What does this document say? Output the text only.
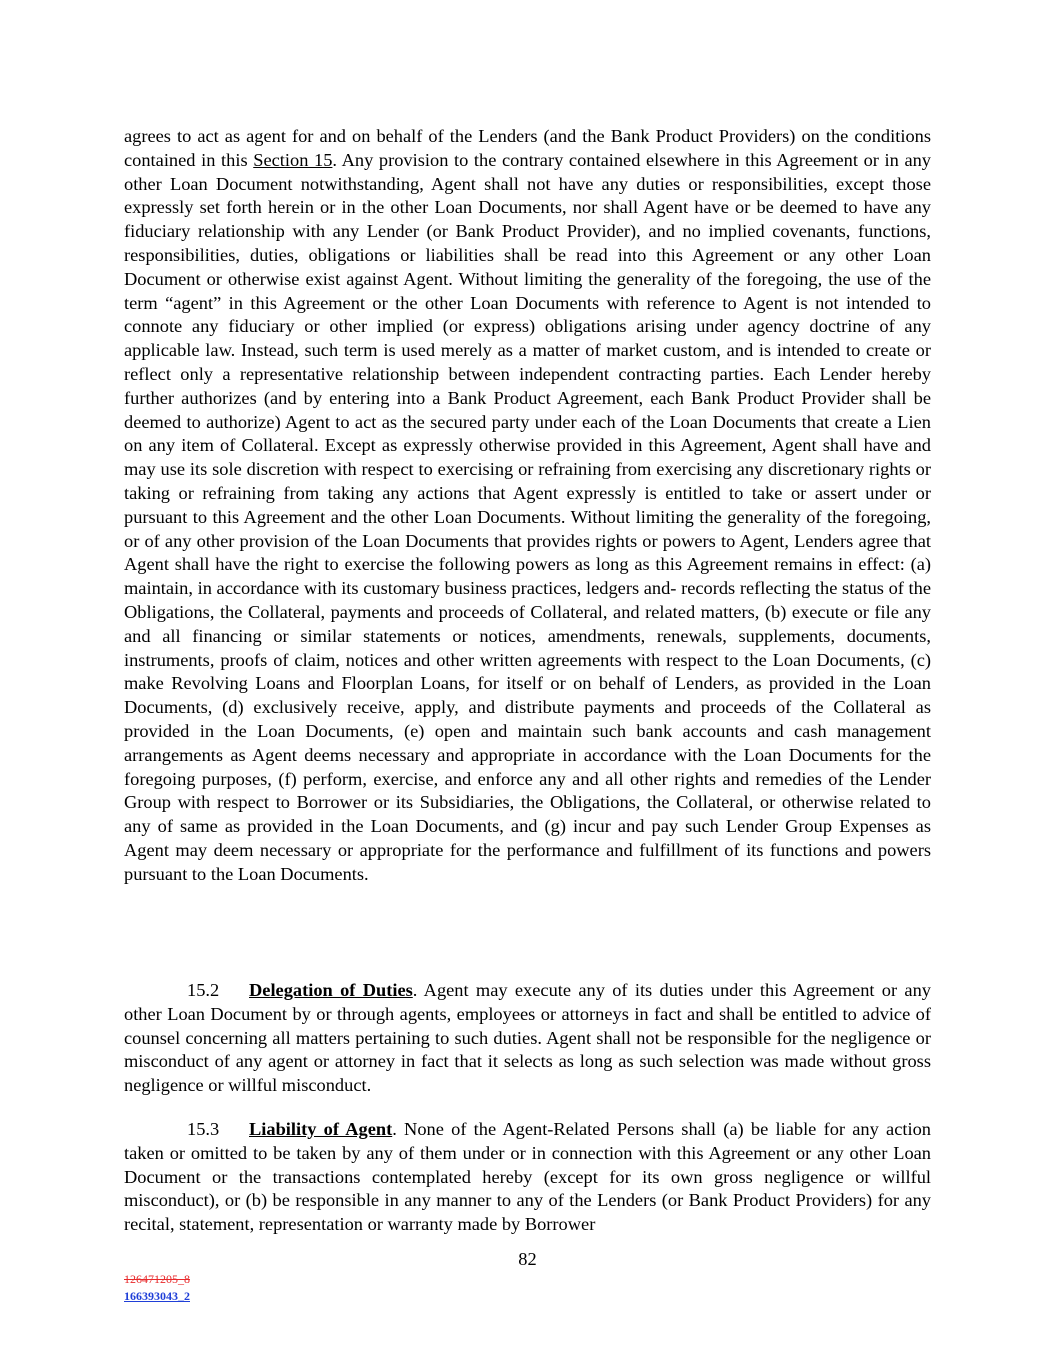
agrees to act as agent for and on behalf of the Lenders (and the Bank Product Providers) on the conditions contained in this Section 15. Any provision to the contrary contained elsewhere in this Agreement or in any other Loan Document notwithstanding, Agent shall not have any duties or responsibilities, except those expressly set forth herein or in the other Loan Documents, nor shall Agent have or be deemed to have any fiduciary relationship with any Lender (or Bank Product Provider), and no implied covenants, functions, responsibilities, duties, obligations or liabilities shall be read into this Agreement or any other Loan Document or otherwise exist against Agent. Without limiting the generality of the foregoing, the use of the term “agent” in this Agreement or the other Loan Documents with reference to Agent is not intended to connote any fiduciary or other implied (or express) obligations arising under agency doctrine of any applicable law. Instead, such term is used merely as a matter of market custom, and is intended to create or reflect only a representative relationship between independent contracting parties. Each Lender hereby further authorizes (and by entering into a Bank Product Agreement, each Bank Product Provider shall be deemed to authorize) Agent to act as the secured party under each of the Loan Documents that create a Lien on any item of Collateral. Except as expressly otherwise provided in this Agreement, Agent shall have and may use its sole discretion with respect to exercising or refraining from exercising any discretionary rights or taking or refraining from taking any actions that Agent expressly is entitled to take or assert under or pursuant to this Agreement and the other Loan Documents. Without limiting the generality of the foregoing, or of any other provision of the Loan Documents that provides rights or powers to Agent, Lenders agree that Agent shall have the right to exercise the following powers as long as this Agreement remains in effect: (a) maintain, in accordance with its customary business practices, ledgers and- records reflecting the status of the Obligations, the Collateral, payments and proceeds of Collateral, and related matters, (b) execute or file any and all financing or similar statements or notices, amendments, renewals, supplements, documents, instruments, proofs of claim, notices and other written agreements with respect to the Loan Documents, (c) make Revolving Loans and Floorplan Loans, for itself or on behalf of Lenders, as provided in the Loan Documents, (d) exclusively receive, apply, and distribute payments and proceeds of the Collateral as provided in the Loan Documents, (e) open and maintain such bank accounts and cash management arrangements as Agent deems necessary and appropriate in accordance with the Loan Documents for the foregoing purposes, (f) perform, exercise, and enforce any and all other rights and remedies of the Lender Group with respect to Borrower or its Subsidiaries, the Obligations, the Collateral, or otherwise related to any of same as provided in the Loan Documents, and (g) incur and pay such Lender Group Expenses as Agent may deem necessary or appropriate for the performance and fulfillment of its functions and powers pursuant to the Loan Documents.

15.2 Delegation of Duties. Agent may execute any of its duties under this Agreement or any other Loan Document by or through agents, employees or attorneys in fact and shall be entitled to advice of counsel concerning all matters pertaining to such duties. Agent shall not be responsible for the negligence or misconduct of any agent or attorney in fact that it selects as long as such selection was made without gross negligence or willful misconduct.

15.3 Liability of Agent. None of the Agent-Related Persons shall (a) be liable for any action taken or omitted to be taken by any of them under or in connection with this Agreement or any other Loan Document or the transactions contemplated hereby (except for its own gross negligence or willful misconduct), or (b) be responsible in any manner to any of the Lenders (or Bank Product Providers) for any recital, statement, representation or warranty made by Borrower

82
126471205_8
166393043_2
